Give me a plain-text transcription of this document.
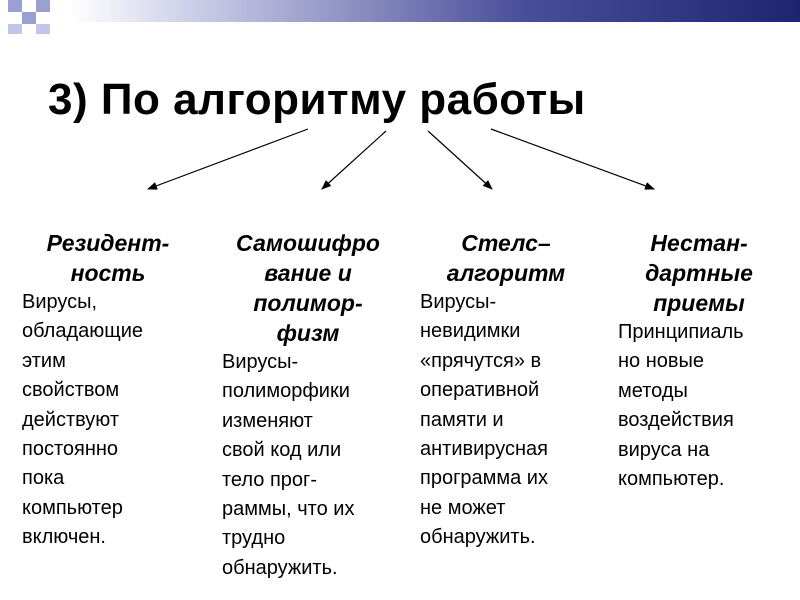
3) По алгоритму работы
Резидент-
ность
Вирусы,
обладающие
этим
свойством
действуют
постоянно
пока
компьютер
включен.
Самошифро
вание и
полимор-
физм
Вирусы-
полиморфики
изменяют
свой код или
тело прог-
раммы, что их
трудно
обнаружить.
Стелс–
алгоритм
Вирусы-
невидимки
«прячутся» в
оперативной
памяти и
антивирусная
программа их
не может
обнаружить.
Нестан-
дартные
приемы
Принципиаль
но новые
методы
воздействия
вируса на
компьютер.
